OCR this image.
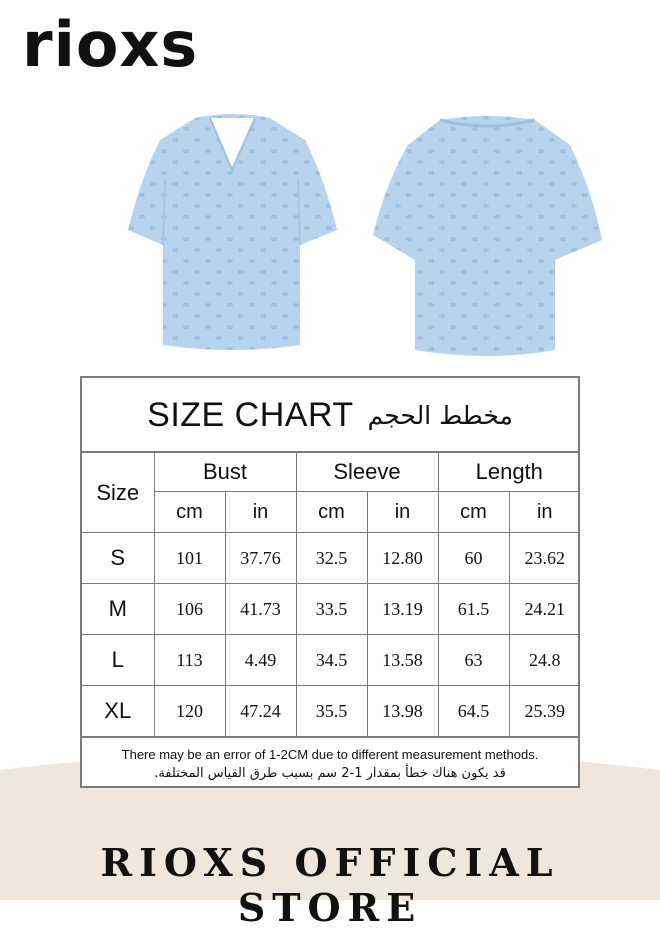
rioxs
SIZE CHART مخطط الحجم
Size	Bust		Sleeve		Length	
	cm	in	cm	in	cm	in
S	101	37.76	32.5	12.80	60	23.62
M	106	41.73	33.5	13.19	61.5	24.21
L	113	4.49	34.5	13.58	63	24.8
XL	120	47.24	35.5	13.98	64.5	25.39
There may be an error of 1-2CM due to different measurement methods.
قد يكون هناك خطأ بمقدار 1-2 سم بسبب طرق القياس المختلفة.
RIOXS OFFICIAL STORE
